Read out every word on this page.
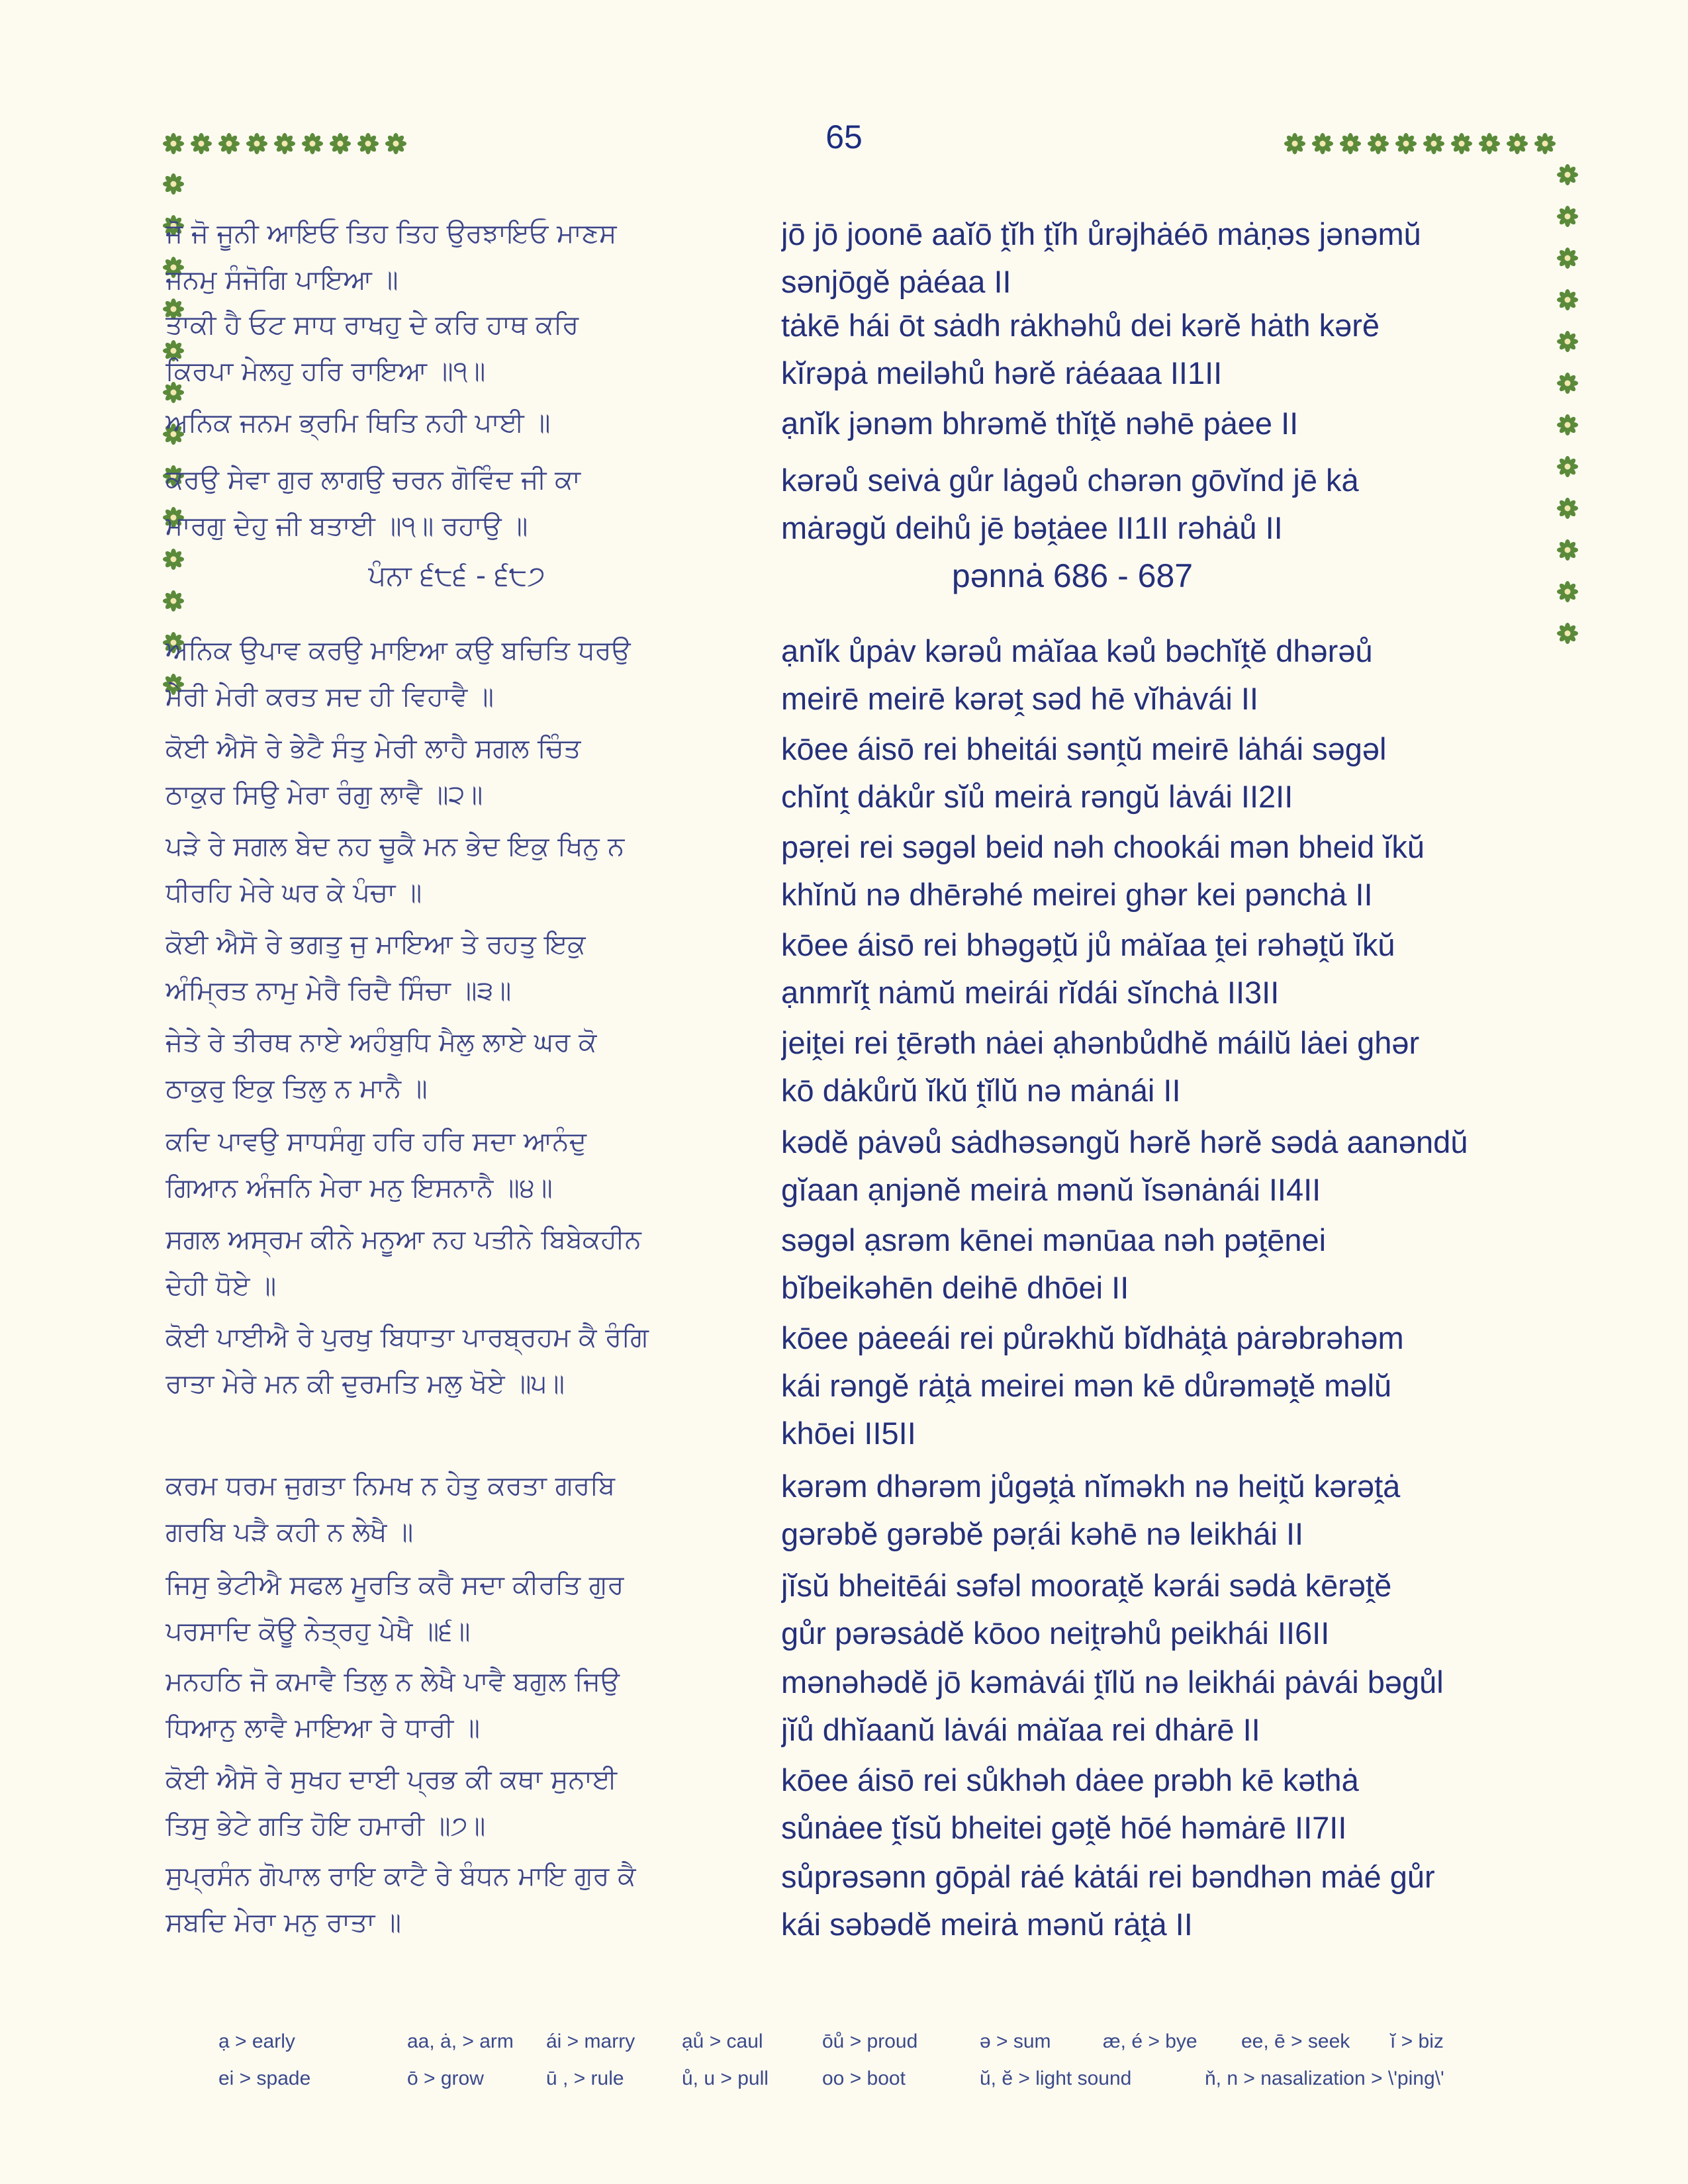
65
ਜੋ ਜੋ ਜੂਨੀ ਆਇਓ ਤਿਹ ਤਿਹ ਉਰਝਾਇਓ ਮਾਣਸ
ਜਨਮੁ ਸੰਜੋਗਿ ਪਾਇਆ ॥
jō jō joonē aaĭō ṱĭh ṱĭh ůrəjhȧéō mȧṇəs jənəmŭ
sənjōgĕ pȧéaa II
ਤਾਕੀ ਹੈ ਓਟ ਸਾਧ ਰਾਖਹੁ ਦੇ ਕਰਿ ਹਾਥ ਕਰਿ
ਕਿਰਪਾ ਮੇਲਹੁ ਹਰਿ ਰਾਇਆ ॥੧॥
tȧkē hái ōt sȧdh rȧkhəhů dei kərĕ hȧth kərĕ
kĭrəpȧ meiləhů hərĕ rȧéaaa II1II
ਅਨਿਕ ਜਨਮ ਭ੍ਰਮਿ ਥਿਤਿ ਨਹੀ ਪਾਈ ॥	ạnĭk jənəm bhrəmĕ thĭṱĕ nəhē pȧee II
ਕਰਉ ਸੇਵਾ ਗੁਰ ਲਾਗਉ ਚਰਨ ਗੋਵਿੰਦ ਜੀ ਕਾ
ਮਾਰਗੁ ਦੇਹੁ ਜੀ ਬਤਾਈ ॥੧॥ ਰਹਾਉ ॥
kərəů seivȧ gůr lȧgəů chərən gōvĭnd jē kȧ
mȧrəgŭ deihů jē bəṱȧee II1II rəhȧů II
ਅਨਿਕ ਉਪਾਵ ਕਰਉ ਮਾਇਆ ਕਉ ਬਚਿਤਿ ਧਰਉ
ਮੇਰੀ ਮੇਰੀ ਕਰਤ ਸਦ ਹੀ ਵਿਹਾਵੈ ॥
ạnĭk ůpȧv kərəů mȧĭaa kəů bəchĭṱĕ dhərəů
meirē meirē kərəṱ səd hē vĭhȧvái II
ਕੋਈ ਐਸੋ ਰੇ ਭੇਟੈ ਸੰਤੁ ਮੇਰੀ ਲਾਹੈ ਸਗਲ ਚਿੰਤ
ਠਾਕੁਰ ਸਿਉ ਮੇਰਾ ਰੰਗੁ ਲਾਵੈ ॥੨॥
kōee áisō rei bheitái sənṱŭ meirē lȧhái səgəl
chĭnṱ dȧkůr sĭů meirȧ rəngŭ lȧvái II2II
ਪੜੇ ਰੇ ਸਗਲ ਬੇਦ ਨਹ ਚੂਕੈ ਮਨ ਭੇਦ ਇਕੁ ਖਿਨੁ ਨ
ਧੀਰਹਿ ਮੇਰੇ ਘਰ ਕੇ ਪੰਚਾ ॥
pəṛei rei səgəl beid nəh chookái mən bheid ĭkŭ
khĭnŭ nə dhērəhé meirei ghər kei pənchȧ II
ਕੋਈ ਐਸੋ ਰੇ ਭਗਤੁ ਜੁ ਮਾਇਆ ਤੇ ਰਹਤੁ ਇਕੁ
ਅੰਮ੍ਰਿਤ ਨਾਮੁ ਮੇਰੈ ਰਿਦੈ ਸਿੰਚਾ ॥੩॥
kōee áisō rei bhəgəṱŭ jů mȧĭaa ṱei rəhəṱŭ ĭkŭ
ạnmrĭṱ nȧmŭ meirái rĭdái sĭnchȧ II3II
ਜੇਤੇ ਰੇ ਤੀਰਥ ਨਾਏ ਅਹੰਬੁਧਿ ਮੈਲੁ ਲਾਏ ਘਰ ਕੋ
ਠਾਕੁਰੁ ਇਕੁ ਤਿਲੁ ਨ ਮਾਨੈ ॥
jeiṱei rei ṱērəth nȧei ạhənbůdhĕ máilŭ lȧei ghər
kō dȧkůrŭ ĭkŭ ṱĭlŭ nə mȧnái II
ਕਦਿ ਪਾਵਉ ਸਾਧਸੰਗੁ ਹਰਿ ਹਰਿ ਸਦਾ ਆਨੰਦੁ
ਗਿਆਨ ਅੰਜਨਿ ਮੇਰਾ ਮਨੁ ਇਸਨਾਨੈ ॥੪॥
kədĕ pȧvəů sȧdhəsəngŭ hərĕ hərĕ sədȧ aanəndŭ
gĭaan ạnjənĕ meirȧ mənŭ ĭsənȧnái II4II
ਸਗਲ ਅਸ੍ਰਮ ਕੀਨੇ ਮਨੂਆ ਨਹ ਪਤੀਨੇ ਬਿਬੇਕਹੀਨ
ਦੇਹੀ ਧੋਏ ॥
səgəl ạsrəm kēnei mənūaa nəh pəṱēnei
bĭbeikəhēn deihē dhōei II
ਕੋਈ ਪਾਈਐ ਰੇ ਪੁਰਖੁ ਬਿਧਾਤਾ ਪਾਰਬ੍ਰਹਮ ਕੈ ਰੰਗਿ
ਰਾਤਾ ਮੇਰੇ ਮਨ ਕੀ ਦੁਰਮਤਿ ਮਲੁ ਖੋਏ ॥੫॥
kōee pȧeeái rei půrəkhŭ bĭdhȧṱȧ pȧrəbrəhəm
kái rəngĕ rȧṱȧ meirei mən kē důrəməṱĕ məlŭ
khōei II5II
ਕਰਮ ਧਰਮ ਜੁਗਤਾ ਨਿਮਖ ਨ ਹੇਤੁ ਕਰਤਾ ਗਰਬਿ
ਗਰਬਿ ਪੜੈ ਕਹੀ ਨ ਲੇਖੈ ॥
kərəm dhərəm jůgəṱȧ nĭməkh nə heiṱŭ kərəṱȧ
gərəbĕ gərəbĕ pəṛái kəhē nə leikhái II
ਜਿਸੁ ਭੇਟੀਐ ਸਫਲ ਮੂਰਤਿ ਕਰੈ ਸਦਾ ਕੀਰਤਿ ਗੁਰ
ਪਰਸਾਦਿ ਕੋਊ ਨੇਤ੍ਰਹੁ ਪੇਖੈ ॥੬॥
jĭsŭ bheitēái səfəl mooraṱĕ kərái sədȧ kērəṱĕ
gůr pərəsȧdĕ kōoo neiṱrəhů peikhái II6II
ਮਨਹਠਿ ਜੋ ਕਮਾਵੈ ਤਿਲੁ ਨ ਲੇਖੈ ਪਾਵੈ ਬਗੁਲ ਜਿਉ
ਧਿਆਨੁ ਲਾਵੈ ਮਾਇਆ ਰੇ ਧਾਰੀ ॥
mənəhədĕ jō kəmȧvái ṱĭlŭ nə leikhái pȧvái bəgůl
jĭů dhĭaanŭ lȧvái mȧĭaa rei dhȧrē II
ਕੋਈ ਐਸੋ ਰੇ ਸੁਖਹ ਦਾਈ ਪ੍ਰਭ ਕੀ ਕਥਾ ਸੁਨਾਈ
ਤਿਸੁ ਭੇਟੇ ਗਤਿ ਹੋਇ ਹਮਾਰੀ ॥੭॥
kōee áisō rei sůkhəh dȧee prəbh kē kəthȧ
sůnȧee ṱĭsŭ bheitei gəṱĕ hōé həmȧrē II7II
ਸੁਪ੍ਰਸੰਨ ਗੋਪਾਲ ਰਾਇ ਕਾਟੈ ਰੇ ਬੰਧਨ ਮਾਇ ਗੁਰ ਕੈ
ਸਬਦਿ ਮੇਰਾ ਮਨੁ ਰਾਤਾ ॥
sůprəsənn gōpȧl rȧé kȧtái rei bəndhən mȧé gůr
kái səbədĕ meirȧ mənŭ rȧṱȧ II
ਪੰਨਾ ੬੮੬ - ੬੮੭	pənnȧ 686 - 687
ạ > early	aa, ȧ, > arm ái > marry ạů > caul	ōů > proud	ə > sum	æ, é > bye ee, ē > seek ĭ > biz
ei > spade	ō > grow	ū , > rule	ů, u > pull	oo > boot	ŭ, ĕ > light sound	ň, n > nasalization > \'ping\'
